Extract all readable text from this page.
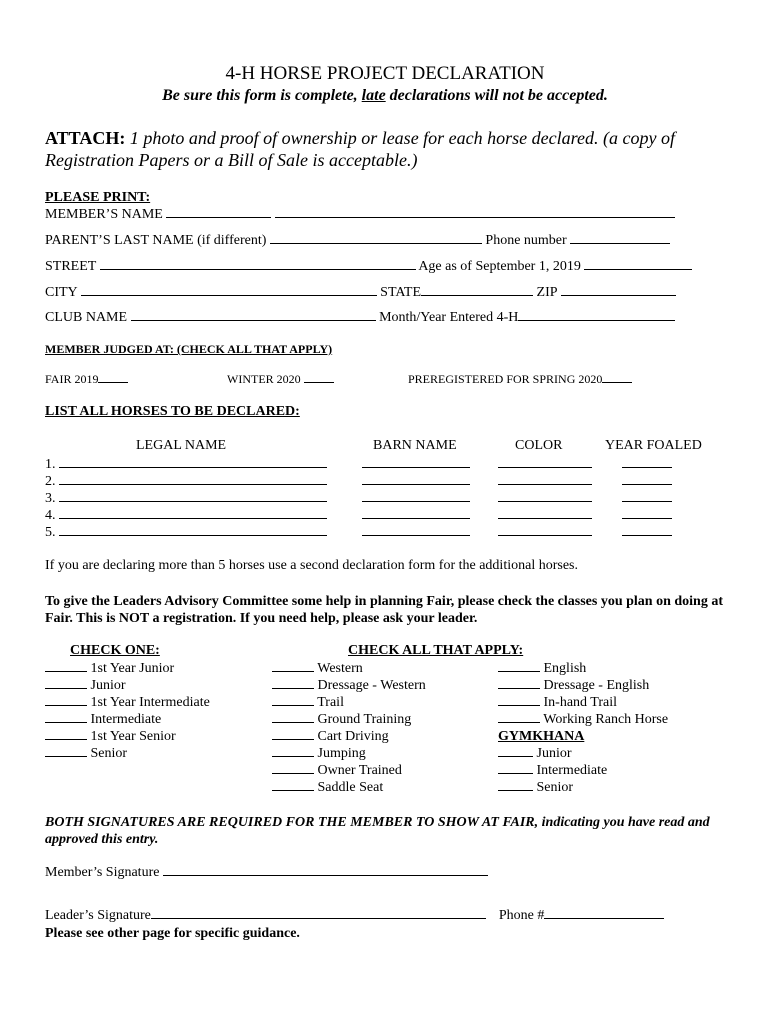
4-H HORSE PROJECT DECLARATION
Be sure this form is complete, late declarations will not be accepted.
ATTACH: 1 photo and proof of ownership or lease for each horse declared. (a copy of Registration Papers or a Bill of Sale is acceptable.)
PLEASE PRINT:
MEMBER’S NAME
PARENT’S LAST NAME (if different)	Phone number
STREET	Age as of September 1, 2019
CITY	STATE	ZIP
CLUB NAME	Month/Year Entered 4-H
MEMBER JUDGED AT: (CHECK ALL THAT APPLY)
FAIR 2019	WINTER 2020	PREREGISTERED FOR SPRING 2020
LIST ALL HORSES TO BE DECLARED:
LEGAL NAME	BARN NAME	COLOR	YEAR FOALED
1.
2.
3.
4.
5.
If you are declaring more than 5 horses use a second declaration form for the additional horses.
To give the Leaders Advisory Committee some help in planning Fair, please check the classes you plan on doing at Fair. This is NOT a registration. If you need help, please ask your leader.
CHECK ONE:
1st Year Junior
Junior
1st Year Intermediate
Intermediate
1st Year Senior
Senior
CHECK ALL THAT APPLY:
Western
Dressage - Western
Trail
Ground Training
Cart Driving
Jumping
Owner Trained
Saddle Seat
English
Dressage - English
In-hand Trail
Working Ranch Horse
GYMKHANA
Junior
Intermediate
Senior
BOTH SIGNATURES ARE REQUIRED FOR THE MEMBER TO SHOW AT FAIR, indicating you have read and approved this entry.
Member’s Signature
Leader’s Signature	Phone #
Please see other page for specific guidance.
